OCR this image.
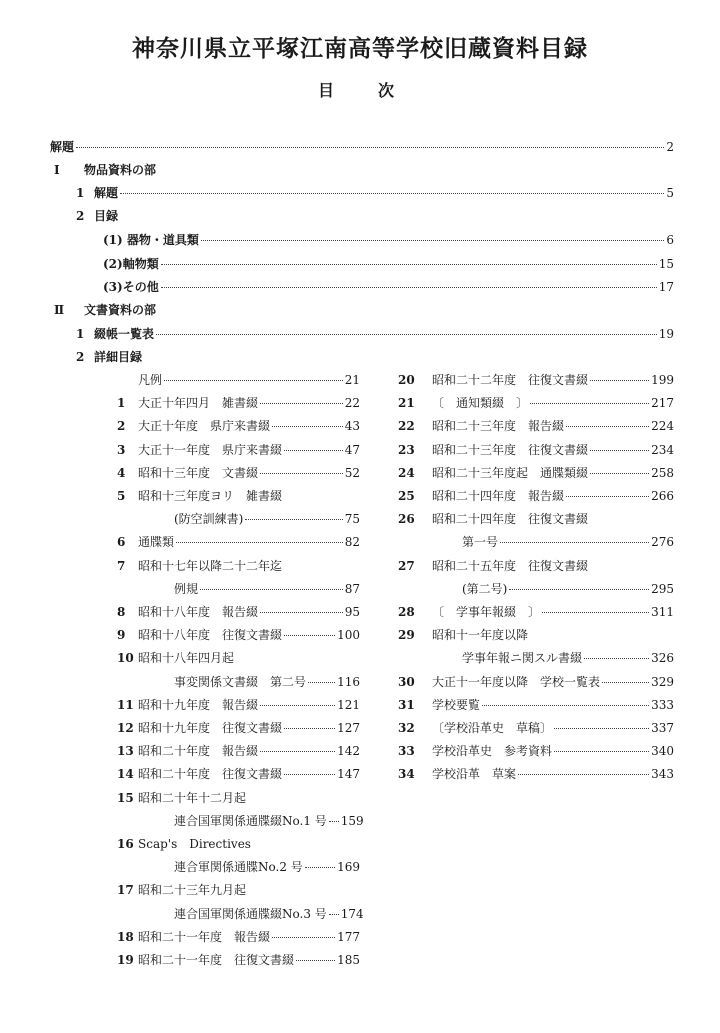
神奈川県立平塚江南高等学校旧蔵資料目録
目	次
解題	2
Ⅰ 物品資料の部
1 解題	5
2 目録
(1) 器物・道具類	6
(2)軸物類	15
(3)その他	17
Ⅱ 文書資料の部
1 綴帳一覧表	19
2 詳細目録
凡例	21
1	大正十年四月　雑書綴	22
2	大正十年度　県庁来書綴	43
3	大正十一年度　県庁来書綴	47
4	昭和十三年度　文書綴	52
5	昭和十三年度ヨリ　雑書綴
(防空訓練書)	75
6	通牒類	82
7	昭和十七年以降二十二年迄
例規	87
8	昭和十八年度　報告綴	95
9	昭和十八年度　往復文書綴	100
10 昭和十八年四月起
事変関係文書綴　第二号	116
11 昭和十九年度　報告綴	121
12 昭和十九年度　往復文書綴	127
13 昭和二十年度　報告綴	142
14 昭和二十年度　往復文書綴	147
15 昭和二十年十二月起
連合国軍関係通牒綴No.1 号 159
16 Scap's　Directives
連合軍関係通牒No.2 号	169
17 昭和二十三年九月起
連合国軍関係通牒綴No.3 号 174
18 昭和二十一年度　報告綴	177
19 昭和二十一年度　往復文書綴	185
20	昭和二十二年度　往復文書綴	199
21	〔　通知類綴　〕	217
22	昭和二十三年度　報告綴	224
23	昭和二十三年度　往復文書綴	234
24	昭和二十三年度起　通牒類綴	258
25	昭和二十四年度　報告綴	266
26	昭和二十四年度　往復文書綴
第一号	276
27	昭和二十五年度　往復文書綴
(第二号)	295
28	〔　学事年報綴　〕	311
29	昭和十一年度以降
学事年報ニ関スル書綴	326
30	大正十一年度以降　学校一覧表	329
31	学校要覧	333
32	〔学校沿革史　草稿〕	337
33	学校沿革史　参考資料	340
34	学校沿革　草案	343
